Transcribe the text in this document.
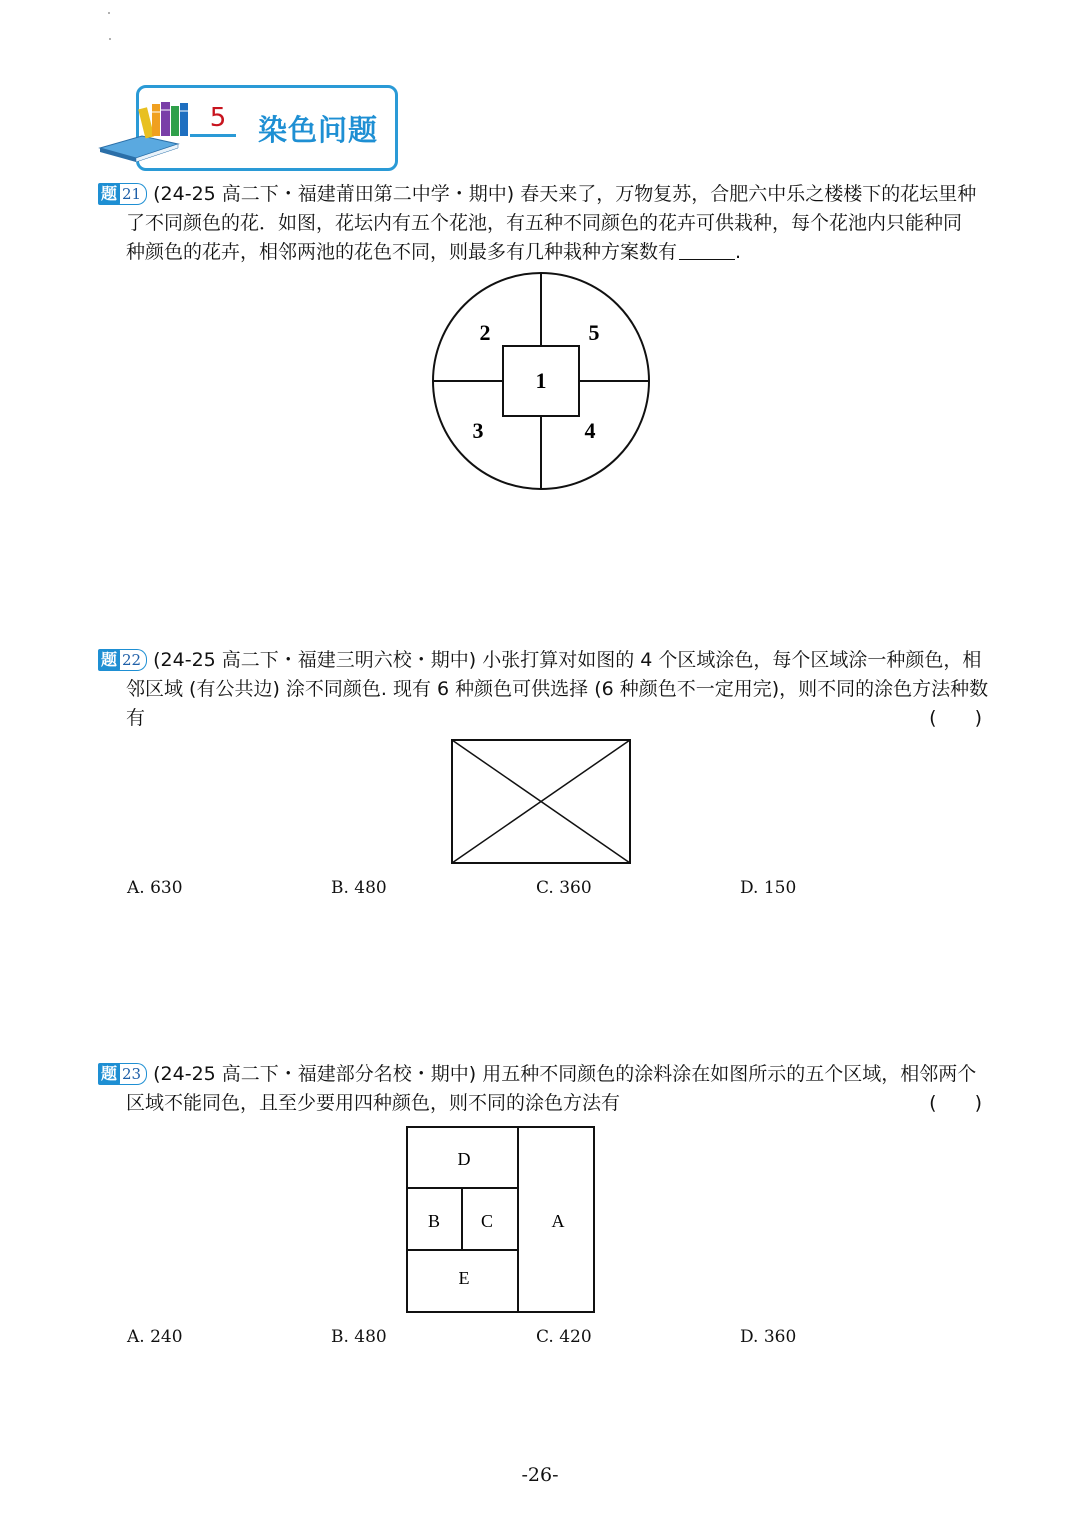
5 染色问题
题 21 (24-25 高二下・福建莆田第二中学・期中) 春天来了，万物复苏，合肥六中乐之楼楼下的花坛里种
了不同颜色的花．如图，花坛内有五个花池，有五种不同颜色的花卉可供栽种，每个花池内只能种同
种颜色的花卉，相邻两池的花色不同，则最多有几种栽种方案数有	.
1
2
3	4
5
题 22 (24-25 高二下・福建三明六校・期中) 小张打算对如图的 4 个区域涂色，每个区域涂一种颜色，相
邻区域 (有公共边) 涂不同颜色. 现有 6 种颜色可供选择 (6 种颜色不一定用完)，则不同的涂色方法种数
有	(　　)
A. 630	B. 480	C. 360	D. 150
题 23 (24-25 高二下・福建部分名校・期中) 用五种不同颜色的涂料涂在如图所示的五个区域，相邻两个
区域不能同色，且至少要用四种颜色，则不同的涂色方法有	(　　)
D
B C	A
E
A. 240	B. 480	C. 420	D. 360
-26-
